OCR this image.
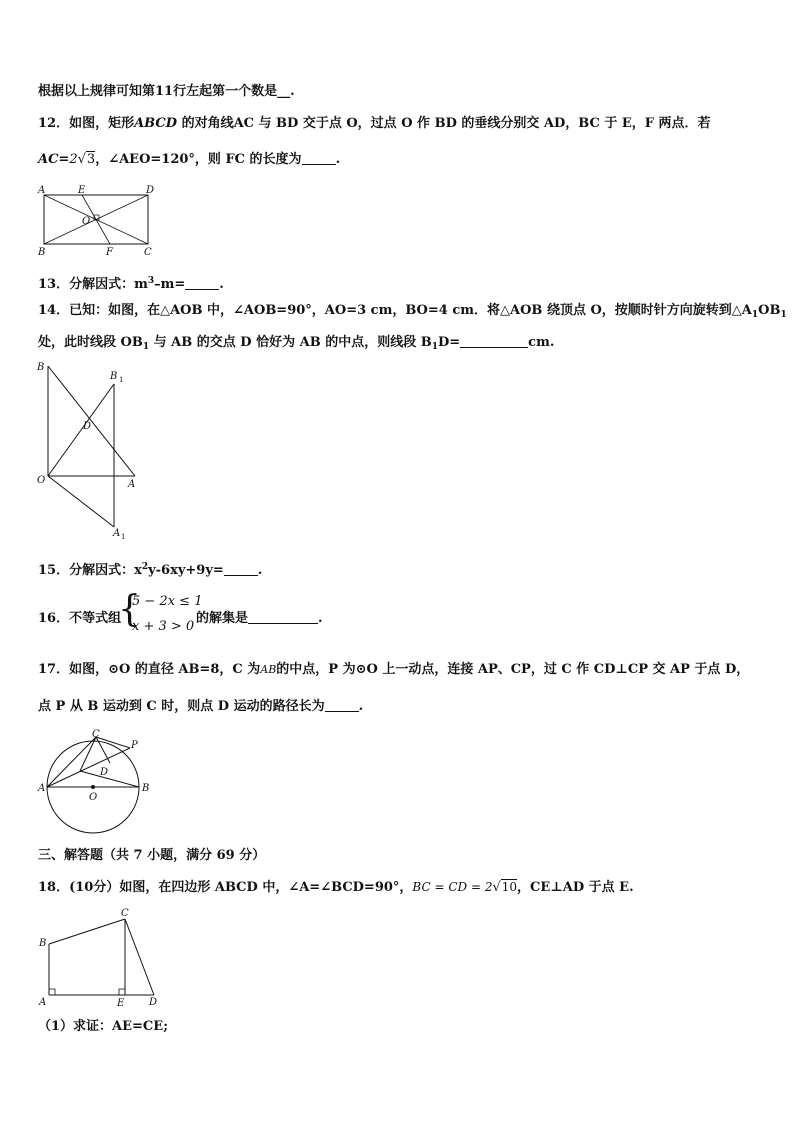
根据以上规律可知第11行左起第一个数是__.
12．如图，矩形ABCD 的对角线AC 与 BD 交于点 O，过点 O 作 BD 的垂线分别交 AD，BC 于 E，F 两点．若
AC=2√3，∠AEO=120°，则 FC 的长度为	.
A	E	D
O
B	F	C
13．分解因式：$m^3-m=$	.
14．已知：如图，在△AOB 中，∠AOB=90°，AO=3 cm，BO=4 cm．将△AOB 绕顶点 O，按顺时针方向旋转到$\triangle A_1OB_1$
处，此时线段 $OB_1$ 与 AB 的交点 D 恰好为 AB 的中点，则线段 $B_1D=$	cm.
B
B 1
D
O	A
A 1
15．分解因式：$x^2y-6xy+9y=$	.
16．不等式组
{
5 − 2x ≤ 1
x + 3 > 0
的解集是	.
17．如图，⊙O 的直径 AB=8，C 为AB的中点，P 为⊙O 上一动点，连接 AP、CP，过 C 作 CD⊥CP 交 AP 于点 D，
点 P 从 B 运动到 C 时，则点 D 运动的路径长为	.
C
P
D
A
O
B
三、解答题（共 7 小题，满分 69 分）
18．(10分）如图，在四边形 ABCD 中，∠A=∠BCD=90°，BC = CD = 2√10，CE⊥AD 于点 E.
C
B
A	E D
（1）求证：AE=CE;
